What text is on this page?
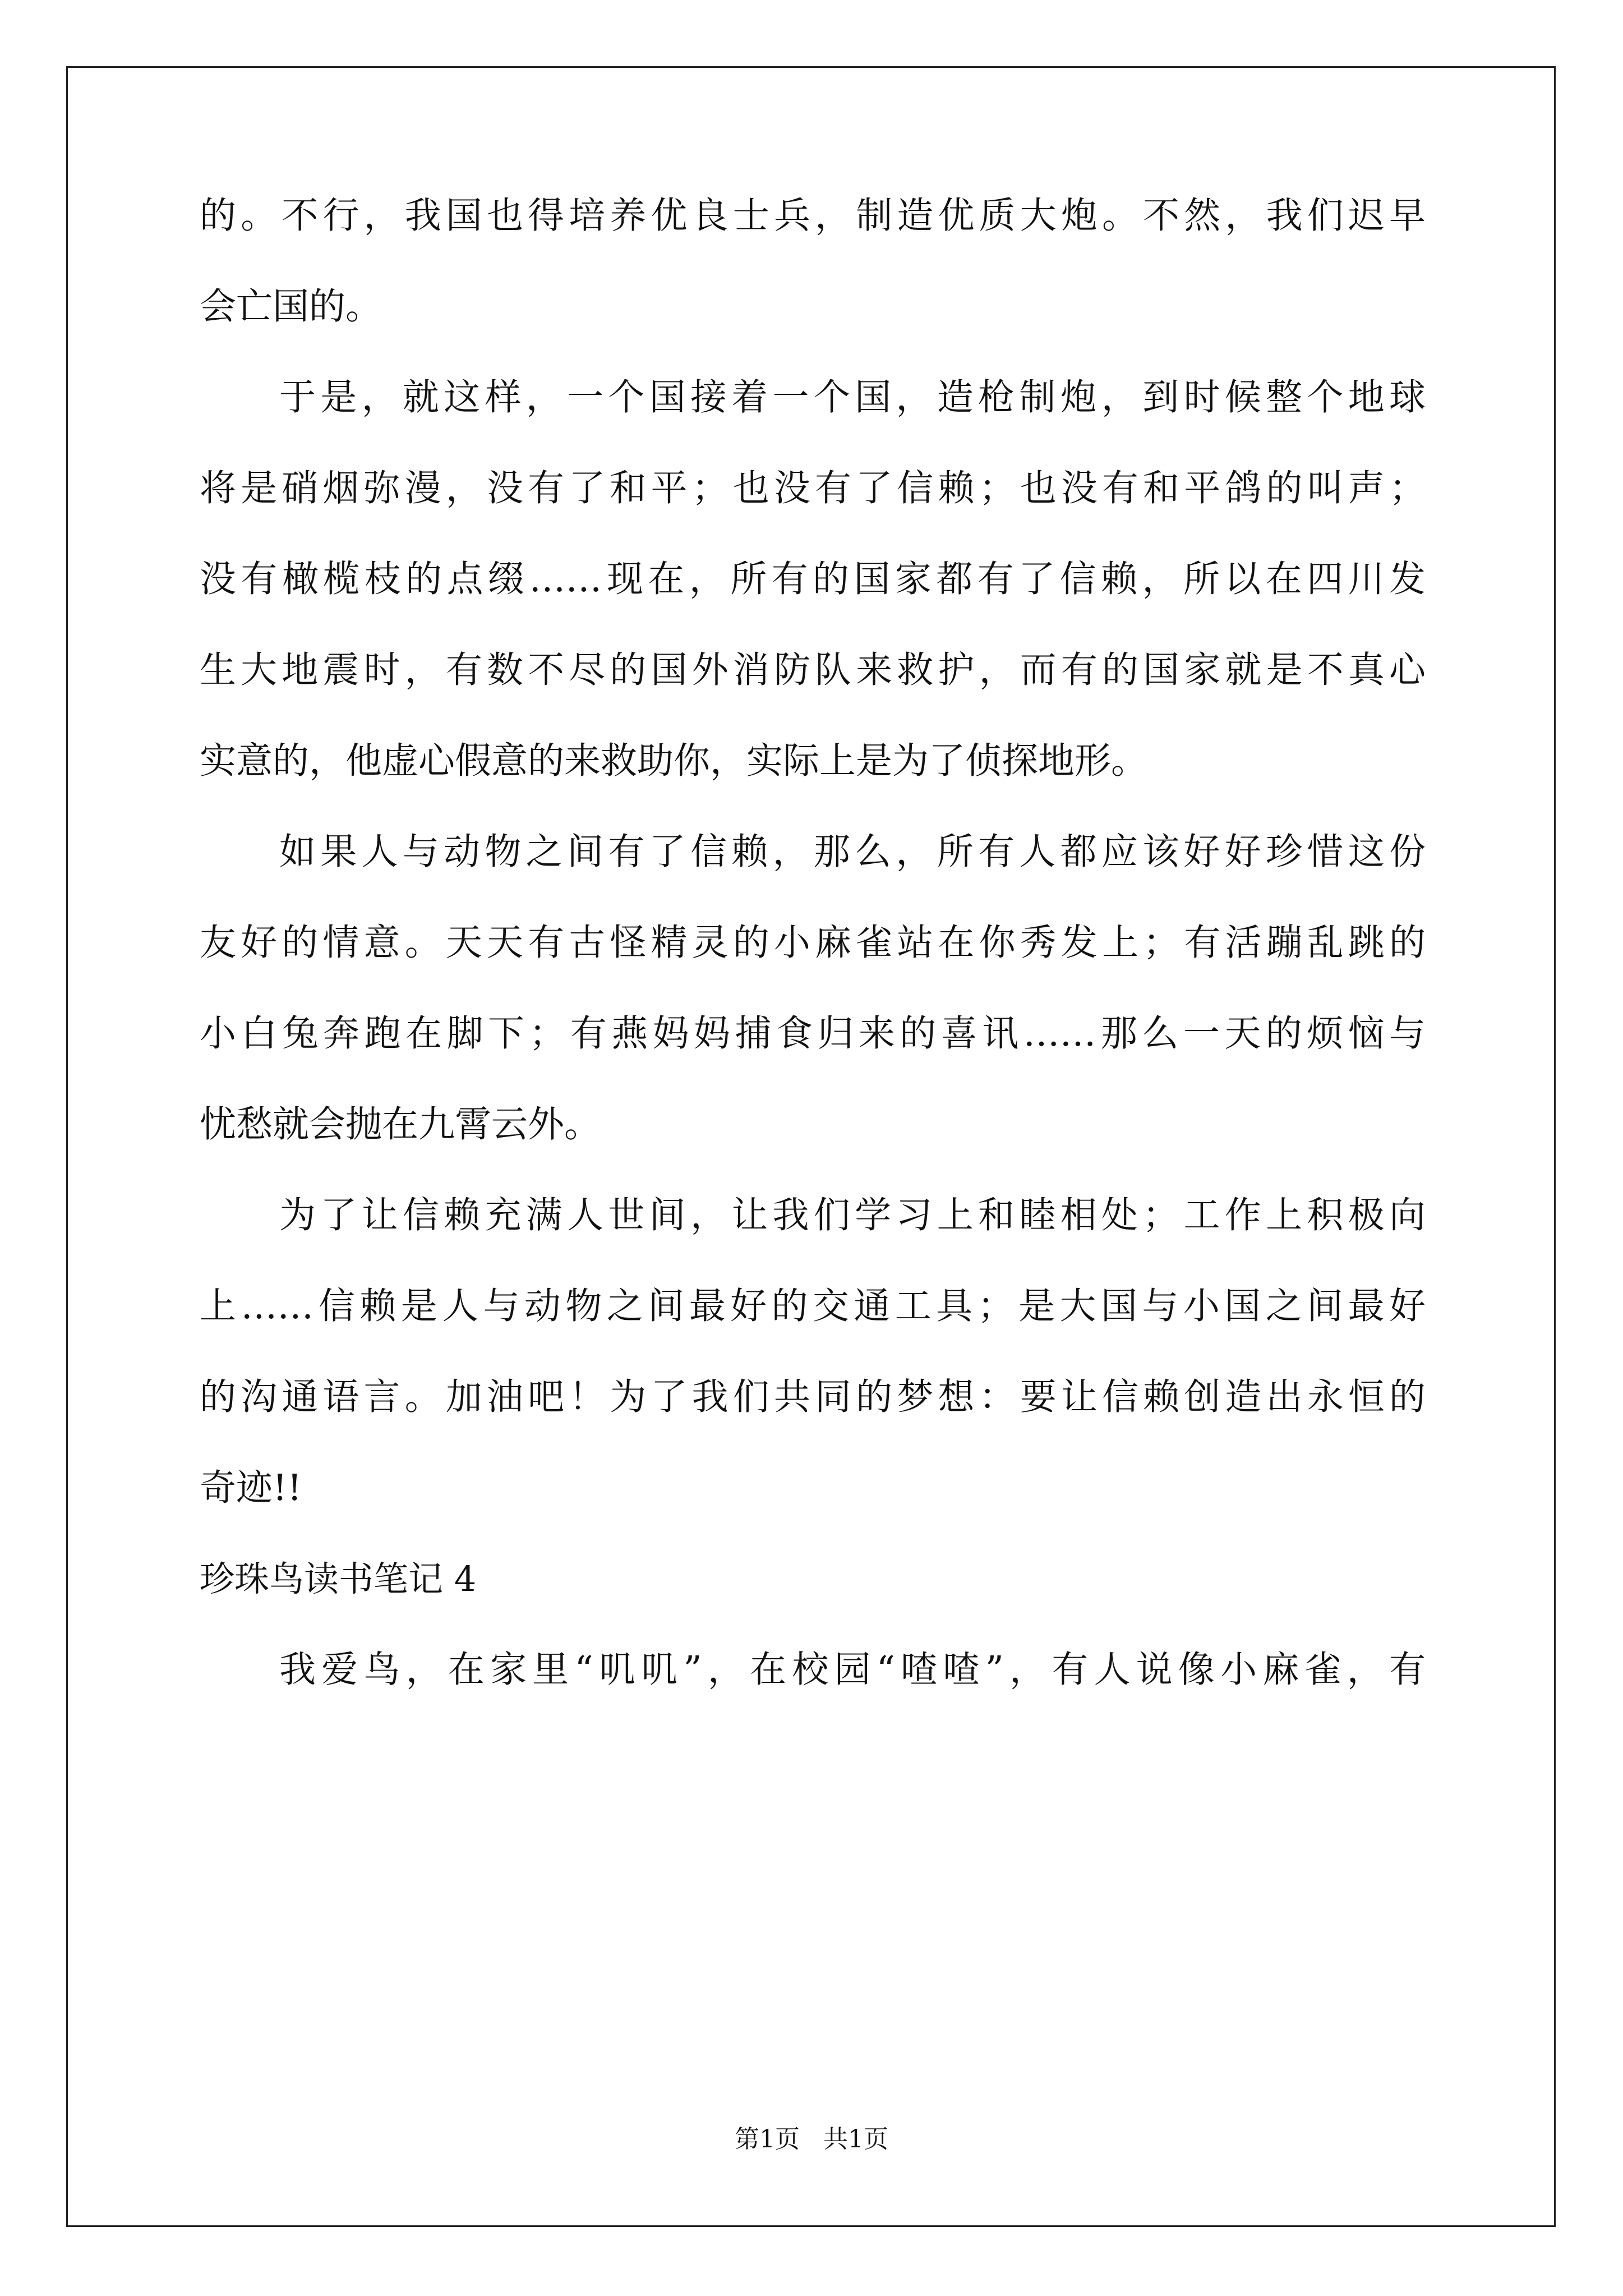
的。不行，我国也得培养优良士兵，制造优质大炮。不然，我们迟早
会亡国的。
于是，就这样，一个国接着一个国，造枪制炮，到时候整个地球
将是硝烟弥漫，没有了和平；也没有了信赖；也没有和平鸽的叫声；
没有橄榄枝的点缀……现在，所有的国家都有了信赖，所以在四川发
生大地震时，有数不尽的国外消防队来救护，而有的国家就是不真心
实意的，他虚心假意的来救助你，实际上是为了侦探地形。
如果人与动物之间有了信赖，那么，所有人都应该好好珍惜这份
友好的情意。天天有古怪精灵的小麻雀站在你秀发上；有活蹦乱跳的
小白兔奔跑在脚下；有燕妈妈捕食归来的喜讯……那么一天的烦恼与
忧愁就会抛在九霄云外。
为了让信赖充满人世间，让我们学习上和睦相处；工作上积极向
上……信赖是人与动物之间最好的交通工具；是大国与小国之间最好
的沟通语言。加油吧！为了我们共同的梦想：要让信赖创造出永恒的
奇迹!!
珍珠鸟读书笔记 4
我爱鸟，在家里“叽叽”，在校园“喳喳”，有人说像小麻雀，有
第1页   共1页
